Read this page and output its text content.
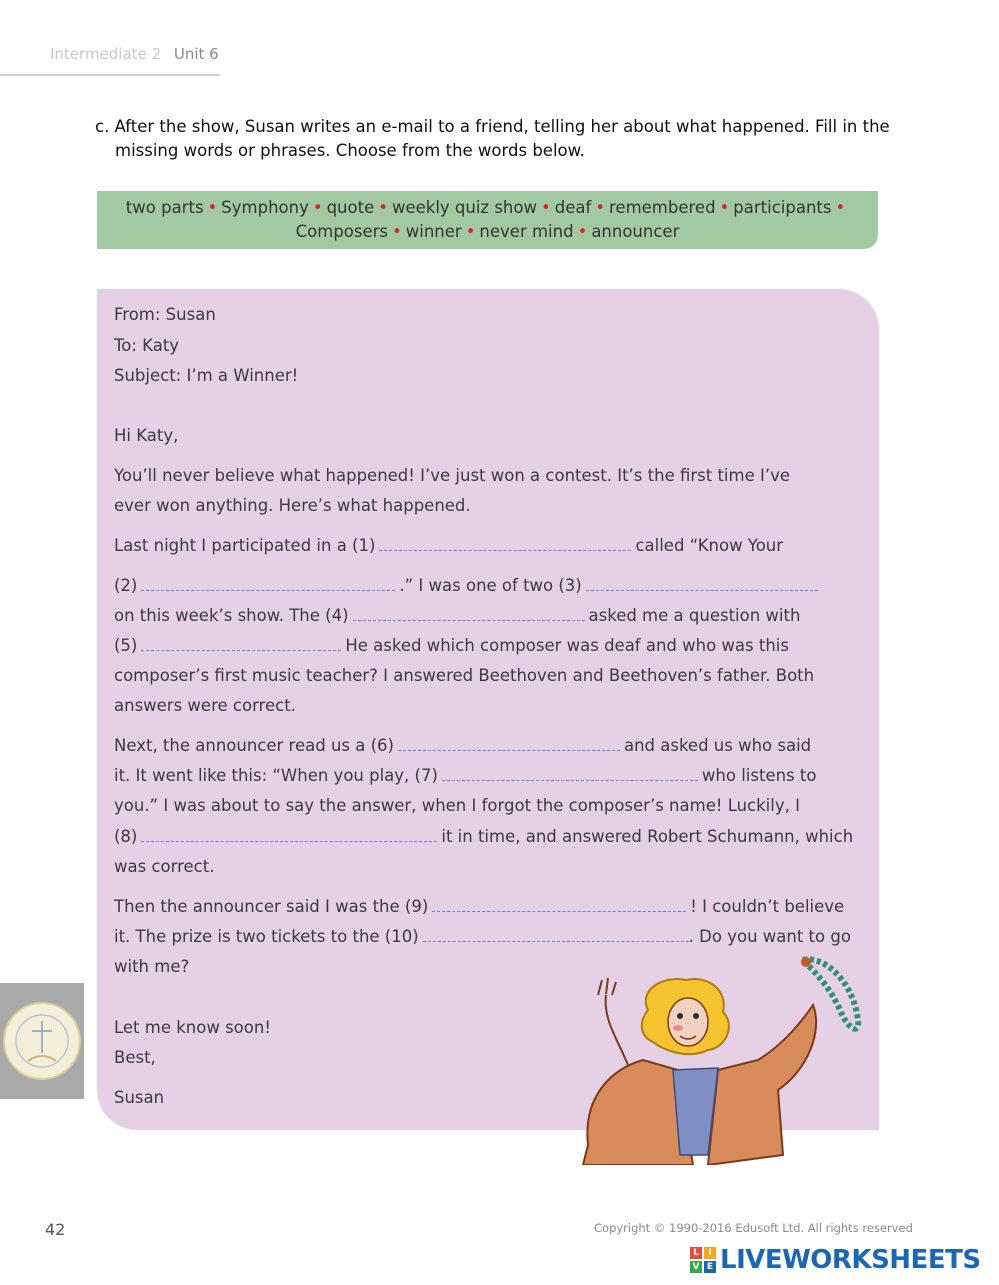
Intermediate 2 Unit 6
c. After the show, Susan writes an e-mail to a friend, telling her about what happened. Fill in the missing words or phrases. Choose from the words below.
two parts • Symphony • quote • weekly quiz show • deaf • remembered • participants •
Composers • winner • never mind • announcer
From: Susan
To: Katy
Subject: I’m a Winner!
Hi Katy,
You’ll never believe what happened! I’ve just won a contest. It’s the first time I’ve
ever won anything. Here’s what happened.
Last night I participated in a (1)	called “Know Your
(2)	.” I was one of two (3)
on this week’s show. The (4)	asked me a question with
(5)	He asked which composer was deaf and who was this
composer’s first music teacher? I answered Beethoven and Beethoven’s father. Both
answers were correct.
Next, the announcer read us a (6)	and asked us who said
it. It went like this: “When you play, (7)	who listens to
you.” I was about to say the answer, when I forgot the composer’s name! Luckily, I
(8)	it in time, and answered Robert Schumann, which
was correct.
Then the announcer said I was the (9)	! I couldn’t believe
it. The prize is two tickets to the (10)	. Do you want to go
with me?
Let me know soon!
Best,
Susan
42	Copyright © 1990-2016 Edusoft Ltd. All rights reserved
L	I
V E LIVEWORKSHEETS
